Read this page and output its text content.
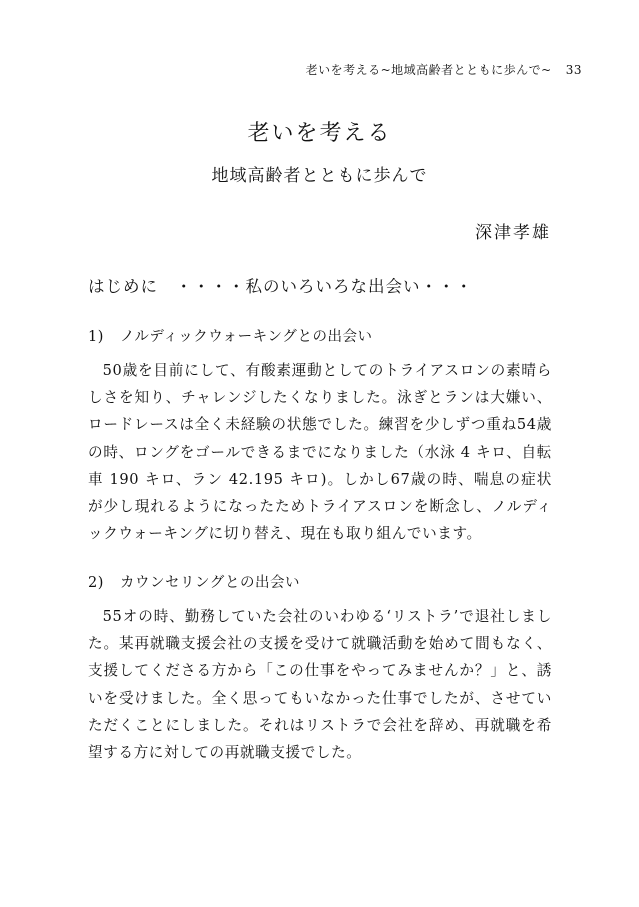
老いを考える~地域高齢者とともに歩んで~ 33
老いを考える
地域高齢者とともに歩んで
深津孝雄
はじめに　・・・・私のいろいろな出会い・・・
1) ノルディックウォーキングとの出会い

50歳を目前にして、有酸素運動としてのトライアスロンの素晴らしさを知り、チャレンジしたくなりました。泳ぎとランは大嫌い、ロードレースは全く未経験の状態でした。練習を少しずつ重ね54歳の時、ロングをゴールできるまでになりました（水泳 4 キロ、自転車 190 キロ、ラン 42.195 キロ)。しかし67歳の時、喘息の症状が少し現れるようになったためトライアスロンを断念し、ノルディックウォーキングに切り替え、現在も取り組んでいます。

2) カウンセリングとの出会い

55オの時、勤務していた会社のいわゆる‘リストラ’で退社しました。某再就職支援会社の支援を受けて就職活動を始めて間もなく、支援してくださる方から「この仕事をやってみませんか？」と、誘いを受けました。全く思ってもいなかった仕事でしたが、させていただくことにしました。それはリストラで会社を辞め、再就職を希望する方に対しての再就職支援でした。
